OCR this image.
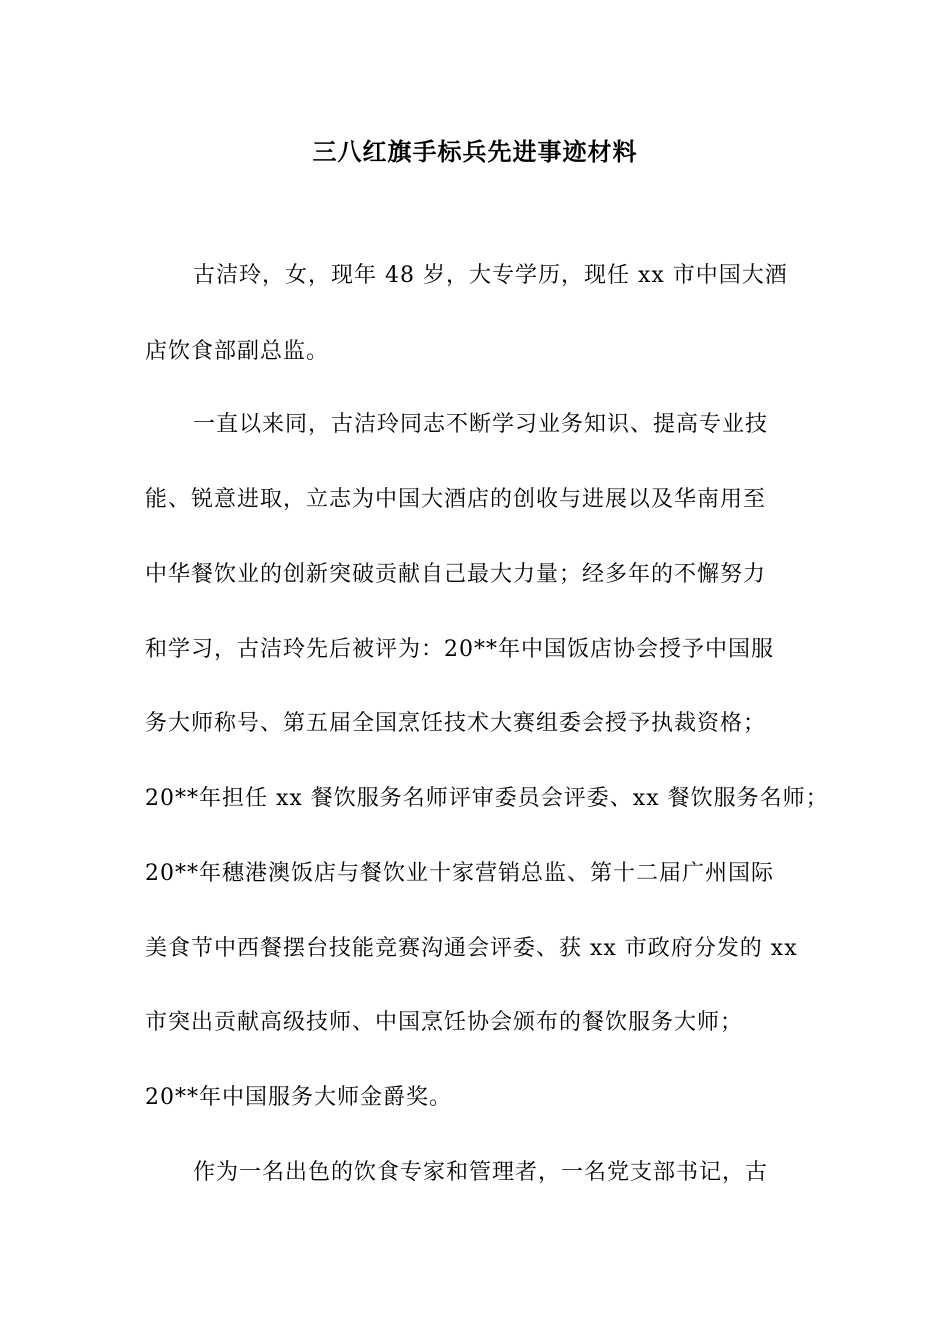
三八红旗手标兵先进事迹材料
古洁玲，女，现年 48 岁，大专学历，现任 xx 市中国大酒
店饮食部副总监。
一直以来同，古洁玲同志不断学习业务知识、提高专业技
能、锐意进取，立志为中国大酒店的创收与进展以及华南用至
中华餐饮业的创新突破贡献自己最大力量；经多年的不懈努力
和学习，古洁玲先后被评为：20**年中国饭店协会授予中国服
务大师称号、第五届全国烹饪技术大赛组委会授予执裁资格；
20**年担任 xx 餐饮服务名师评审委员会评委、xx 餐饮服务名师；
20**年穗港澳饭店与餐饮业十家营销总监、第十二届广州国际
美食节中西餐摆台技能竞赛沟通会评委、获 xx 市政府分发的 xx
市突出贡献高级技师、中国烹饪协会颁布的餐饮服务大师；
20**年中国服务大师金爵奖。
作为一名出色的饮食专家和管理者，一名党支部书记，古
